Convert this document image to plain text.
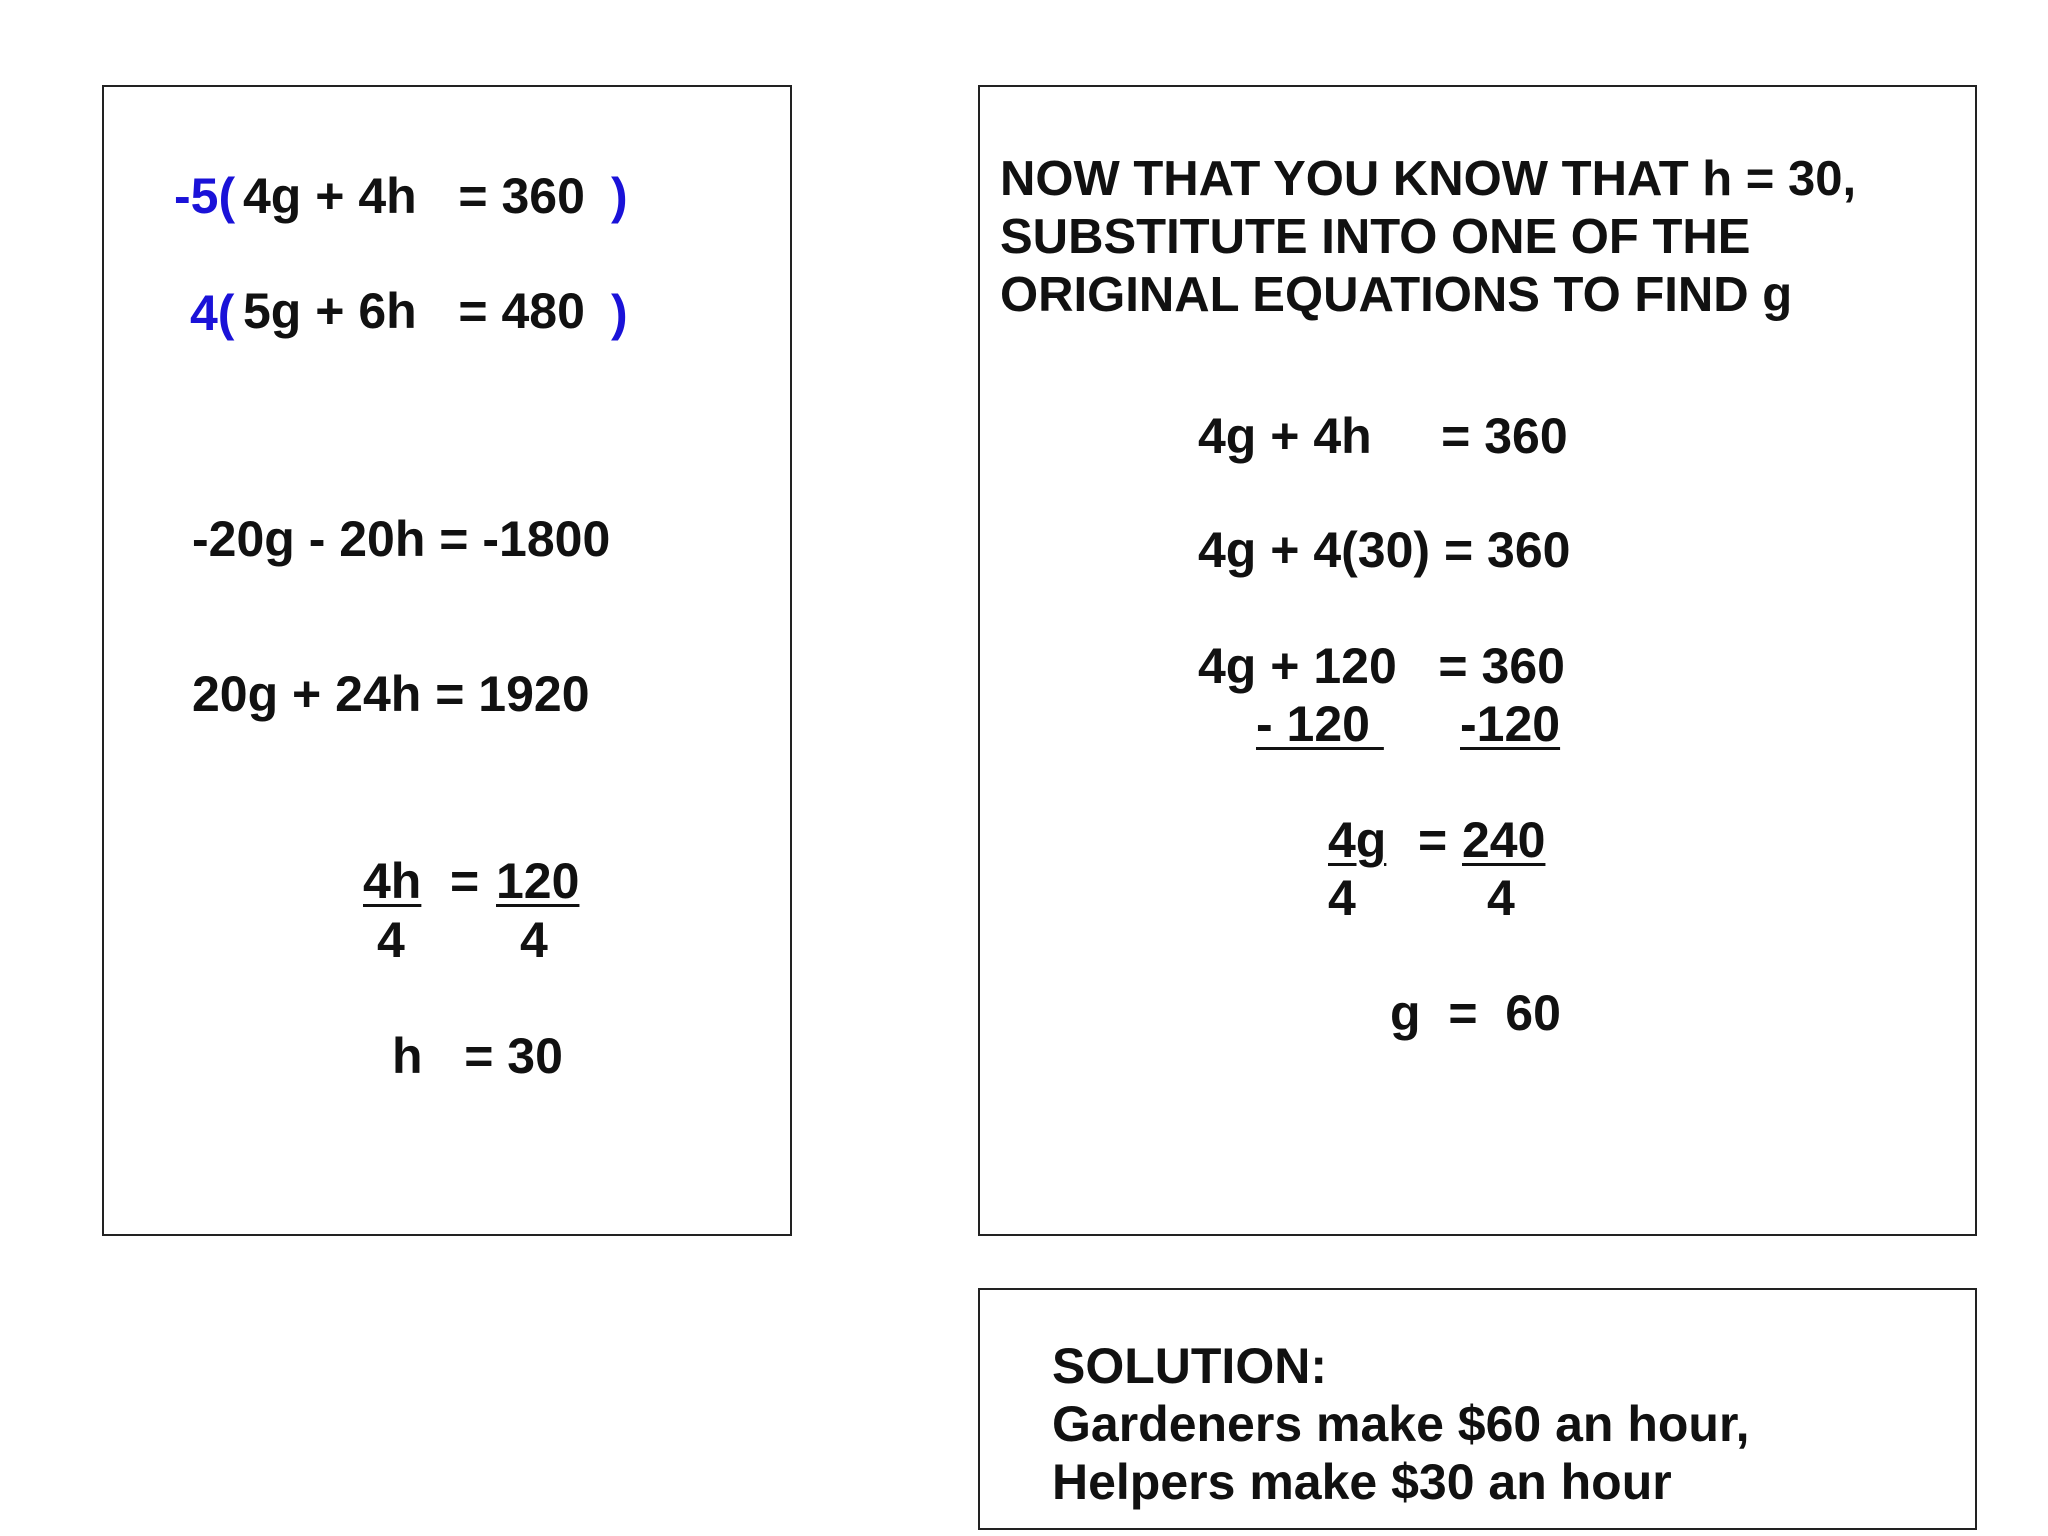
-5( 4g + 4h   = 360 )
4( 5g + 6h   = 480 )
-20g - 20h = -1800
20g + 24h = 1920
4h = 120
4 4
h   = 30
NOW THAT YOU KNOW THAT h = 30,
SUBSTITUTE INTO ONE OF THE
ORIGINAL EQUATIONS TO FIND g
4g + 4h     = 360
4g + 4(30) = 360
4g + 120   = 360
- 120 -120
4g = 240
4	4
g  =  60
SOLUTION:
Gardeners make $60 an hour,
Helpers make $30 an hour
